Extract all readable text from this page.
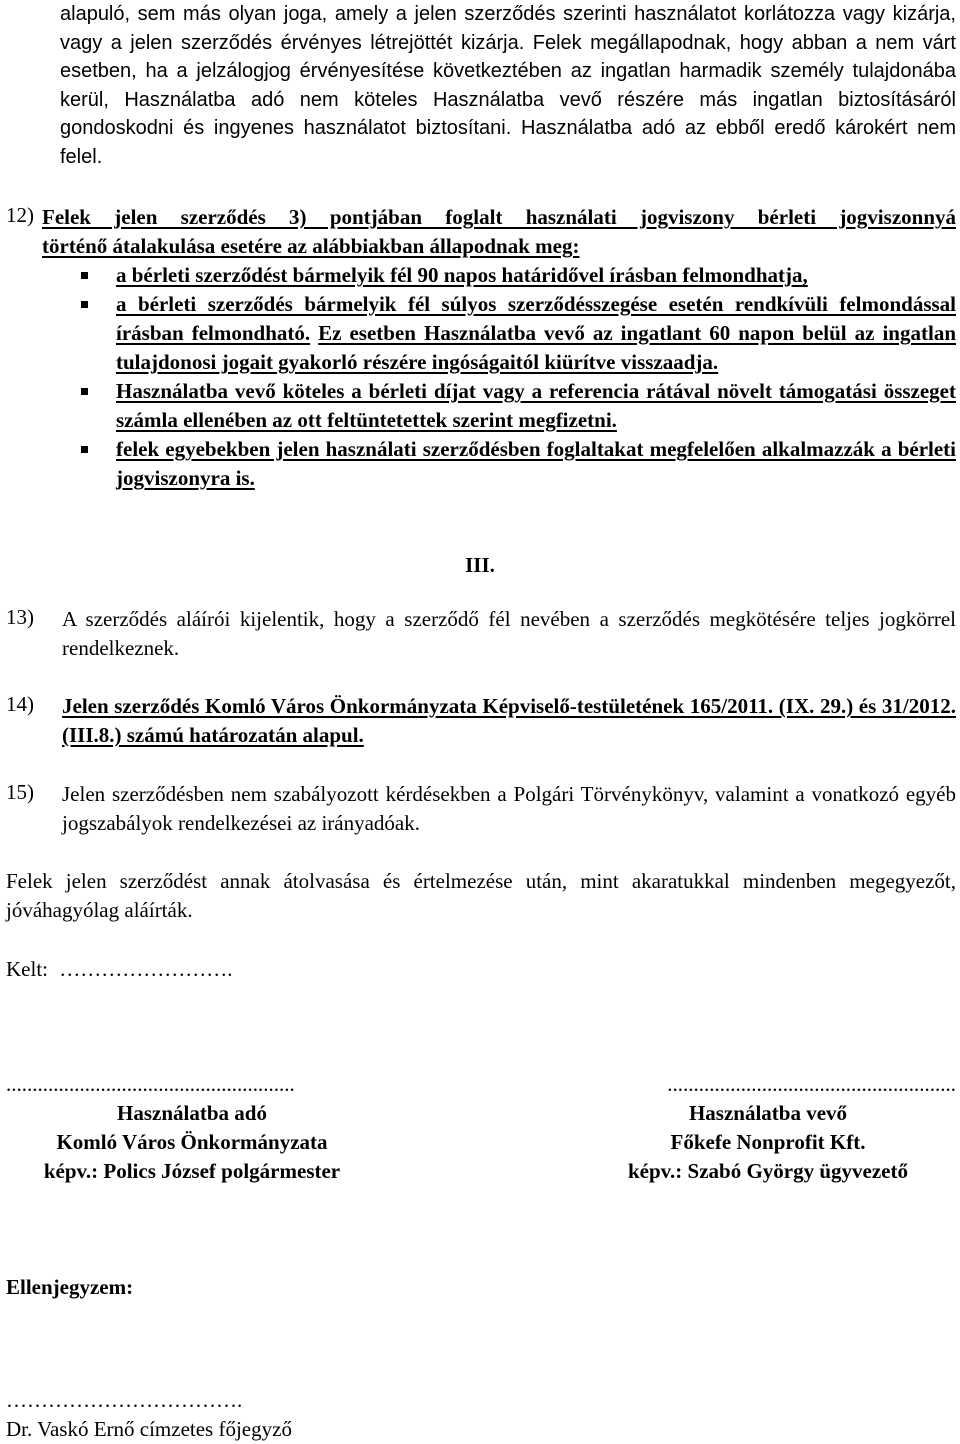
alapuló, sem más olyan joga, amely a jelen szerződés szerinti használatot korlátozza vagy kizárja, vagy a jelen szerződés érvényes létrejöttét kizárja. Felek megállapodnak, hogy abban a nem várt esetben, ha a jelzálogjog érvényesítése következtében az ingatlan harmadik személy tulajdonába kerül, Használatba adó nem köteles Használatba vevő részére más ingatlan biztosításáról gondoskodni és ingyenes használatot biztosítani. Használatba adó az ebből eredő károkért nem felel.
12) Felek jelen szerződés 3) pontjában foglalt használati jogviszony bérleti jogviszonnyá
történő átalakulása esetére az alábbiakban állapodnak meg:
a bérleti szerződést bármelyik fél 90 napos határidővel írásban felmondhatja,
a bérleti szerződés bármelyik fél súlyos szerződésszegése esetén rendkívüli felmondással írásban felmondható. Ez esetben Használatba vevő az ingatlant 60 napon belül az ingatlan tulajdonosi jogait gyakorló részére ingóságaitól kiürítve visszaadja.
Használatba vevő köteles a bérleti díjat vagy a referencia rátával növelt támogatási összeget számla ellenében az ott feltüntetettek szerint megfizetni.
felek egyebekben jelen használati szerződésben foglaltakat megfelelően alkalmazzák a bérleti jogviszonyra is.
III.
13) A szerződés aláírói kijelentik, hogy a szerződő fél nevében a szerződés megkötésére teljes jogkörrel rendelkeznek.
14) Jelen szerződés Komló Város Önkormányzata Képviselő-testületének 165/2011. (IX. 29.) és 31/2012. (III.8.) számú határozatán alapul.
15) Jelen szerződésben nem szabályozott kérdésekben a Polgári Törvénykönyv, valamint a vonatkozó egyéb jogszabályok rendelkezései az irányadóak.
Felek jelen szerződést annak átolvasása és értelmezése után, mint akaratukkal mindenben megegyezőt, jóváhagyólag aláírták.
Kelt: …………………….
.......................................................
Használatba adó
Komló Város Önkormányzata
képv.: Polics József polgármester
.......................................................
Használatba vevő
Főkefe Nonprofit Kft.
képv.: Szabó György ügyvezető
Ellenjegyzem:
…………………………….
Dr. Vaskó Ernő címzetes főjegyző
